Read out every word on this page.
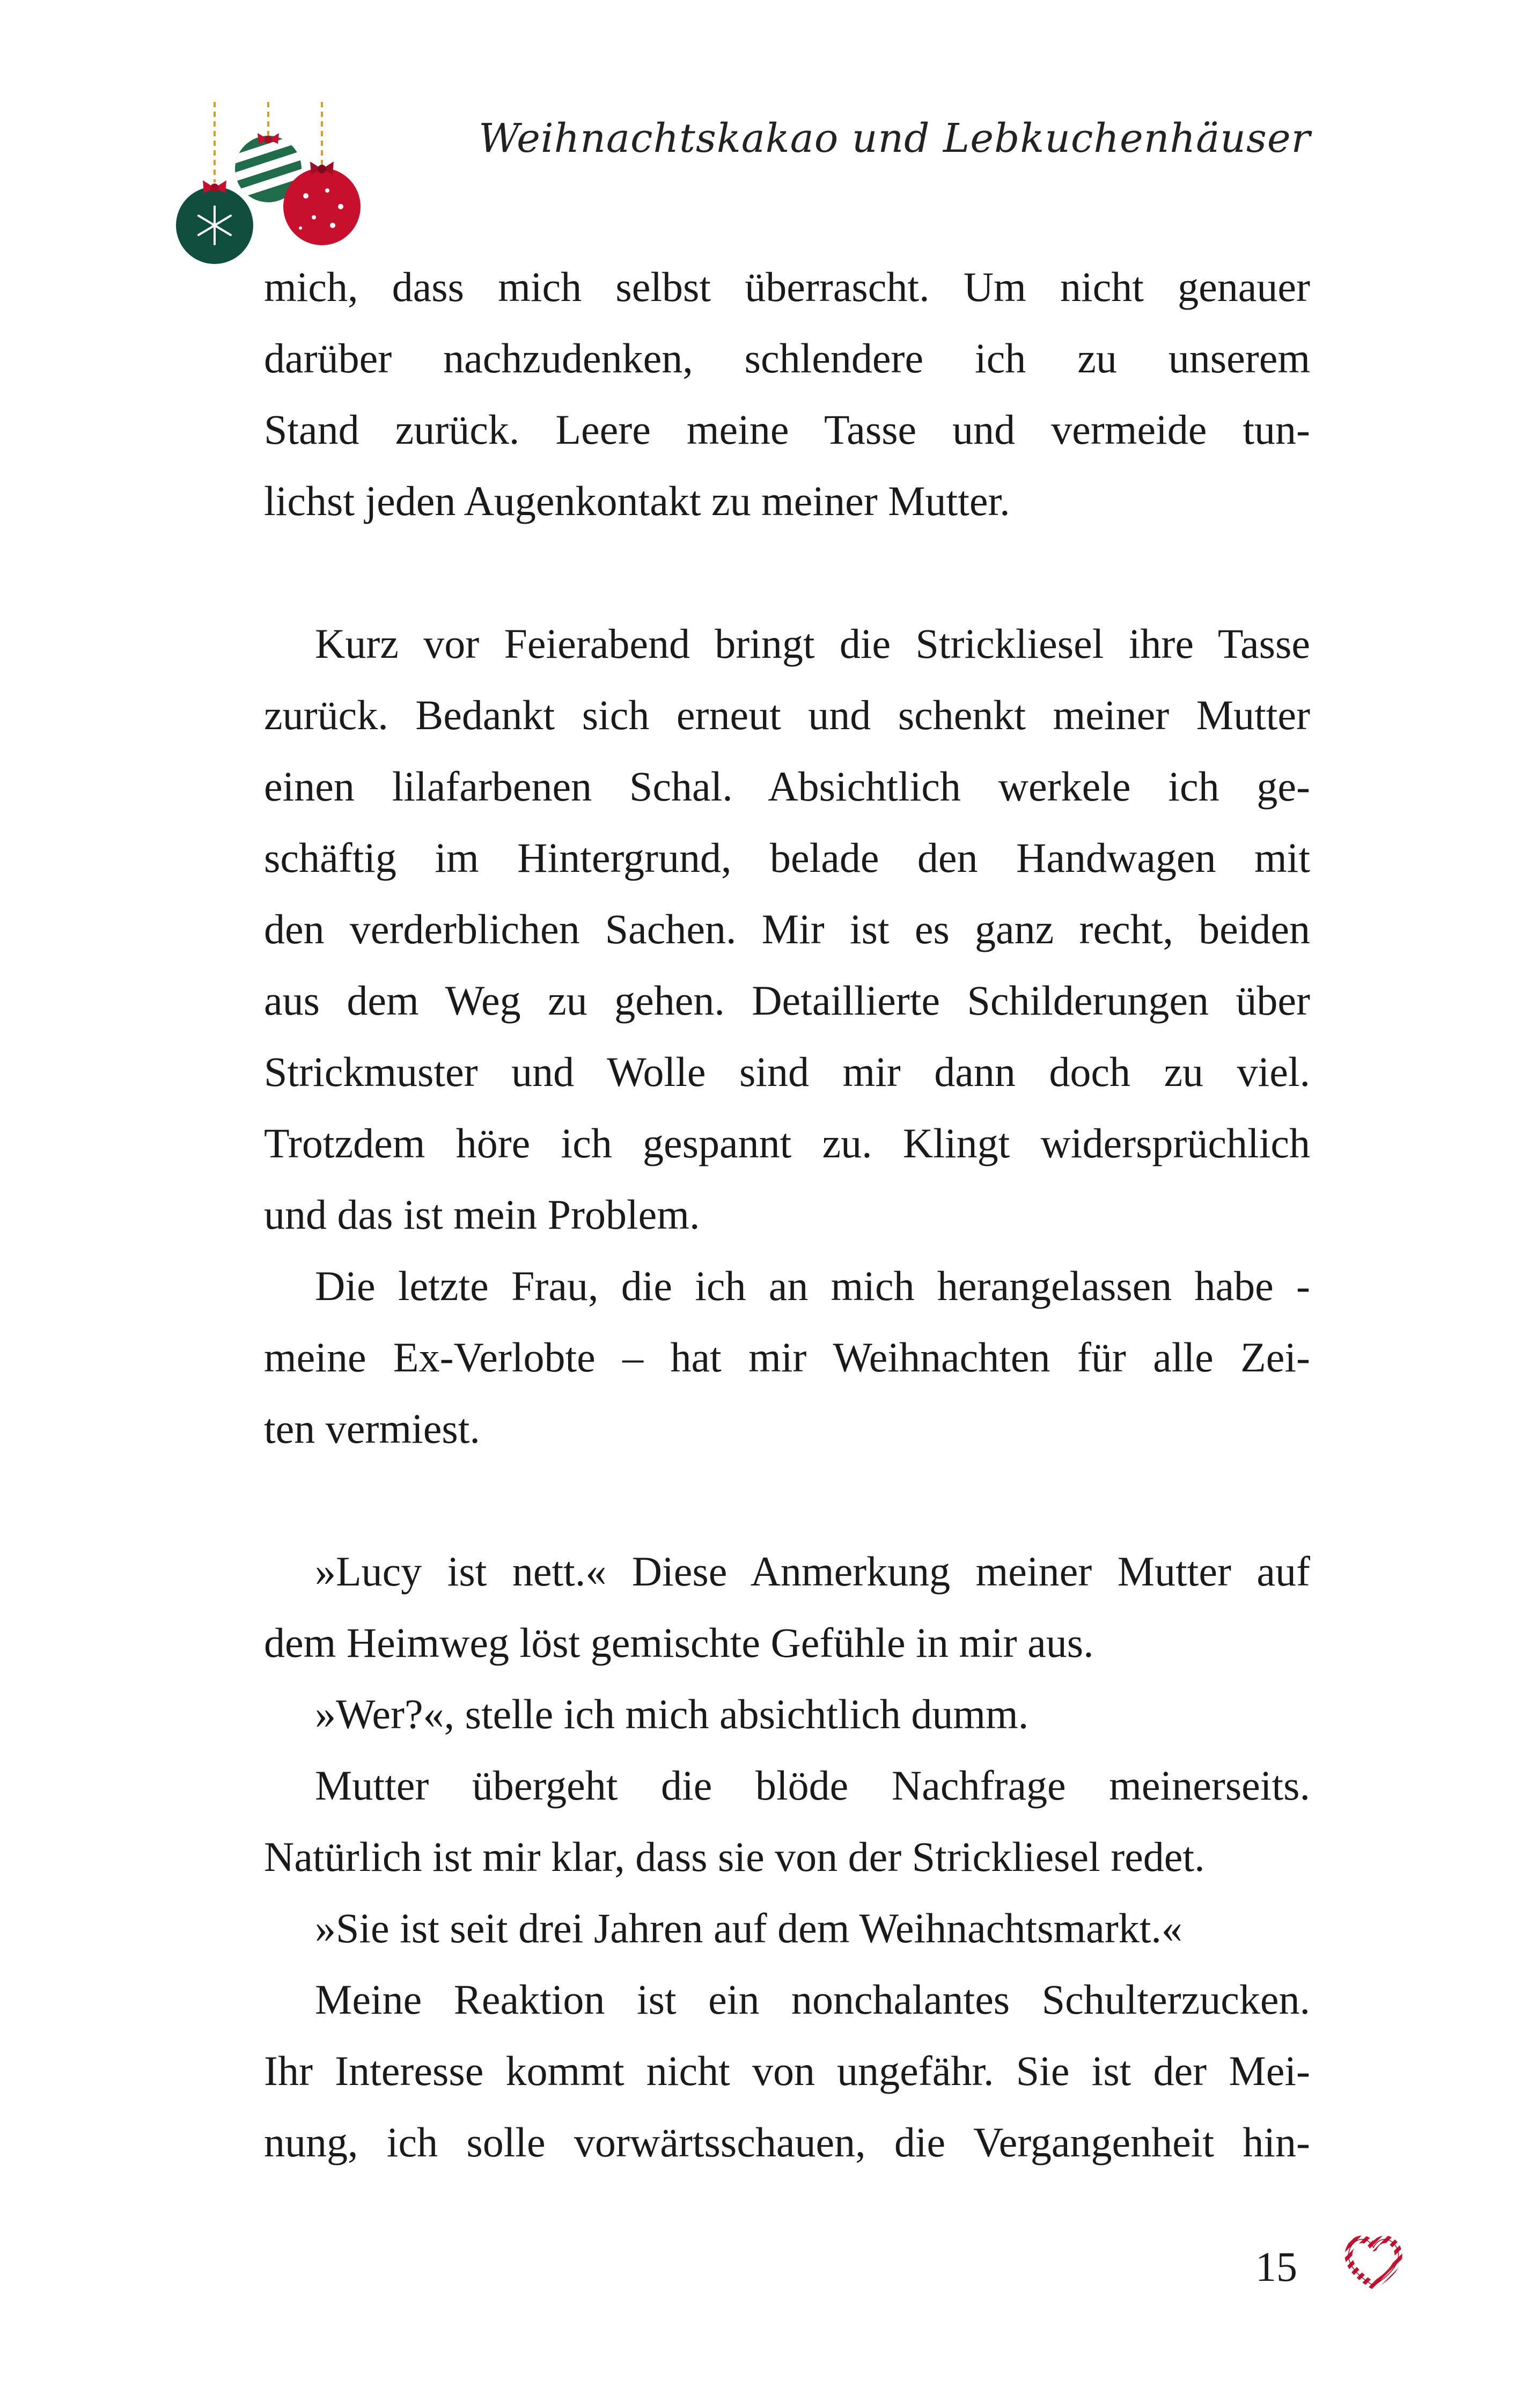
Weihnachtskakao und Lebkuchenhäuser
mich, dass mich selbst überrascht. Um nicht genauer
darüber nachzudenken, schlendere ich zu unserem
Stand zurück. Leere meine Tasse und vermeide tun-
lichst jeden Augenkontakt zu meiner Mutter.
Kurz vor Feierabend bringt die Strickliesel ihre Tasse
zurück. Bedankt sich erneut und schenkt meiner Mutter
einen lilafarbenen Schal. Absichtlich werkele ich ge-
schäftig im Hintergrund, belade den Handwagen mit
den verderblichen Sachen. Mir ist es ganz recht, beiden
aus dem Weg zu gehen. Detaillierte Schilderungen über
Strickmuster und Wolle sind mir dann doch zu viel.
Trotzdem höre ich gespannt zu. Klingt widersprüchlich
und das ist mein Problem.
Die letzte Frau, die ich an mich herangelassen habe -
meine Ex-Verlobte – hat mir Weihnachten für alle Zei-
ten vermiest.
»Lucy ist nett.« Diese Anmerkung meiner Mutter auf
dem Heimweg löst gemischte Gefühle in mir aus.
»Wer?«, stelle ich mich absichtlich dumm.
Mutter übergeht die blöde Nachfrage meinerseits.
Natürlich ist mir klar, dass sie von der Strickliesel redet.
»Sie ist seit drei Jahren auf dem Weihnachtsmarkt.«
Meine Reaktion ist ein nonchalantes Schulterzucken.
Ihr Interesse kommt nicht von ungefähr. Sie ist der Mei-
nung, ich solle vorwärtsschauen, die Vergangenheit hin-
15
